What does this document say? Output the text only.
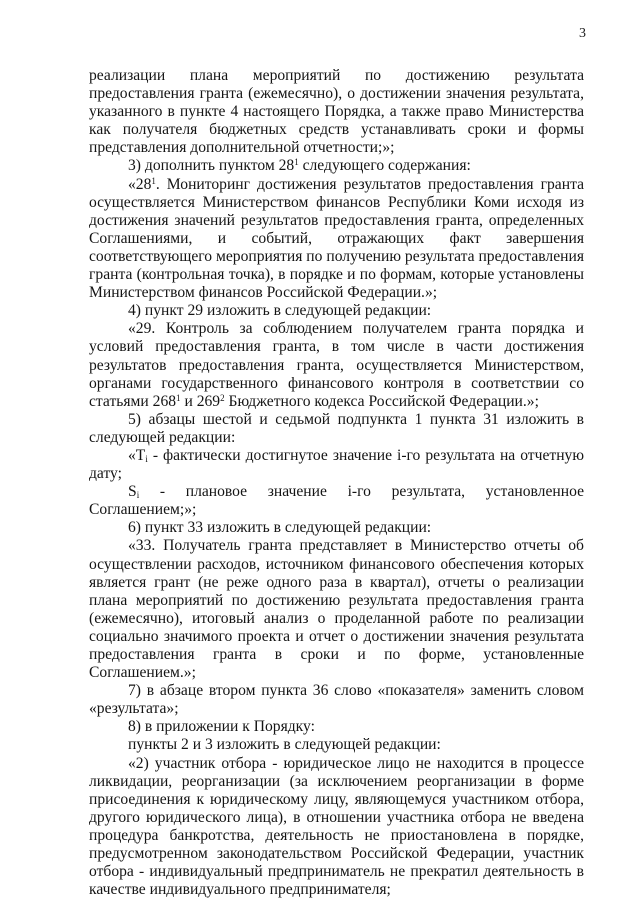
3

реализации плана мероприятий по достижению результата предоставления гранта (ежемесячно), о достижении значения результата, указанного в пункте 4 настоящего Порядка, а также право Министерства как получателя бюджетных средств устанавливать сроки и формы представления дополнительной отчетности;»;

3) дополнить пунктом $28^1$ следующего содержания:

«$28^1$. Мониторинг достижения результатов предоставления гранта осуществляется Министерством финансов Республики Коми исходя из достижения значений результатов предоставления гранта, определенных Соглашениями, и событий, отражающих факт завершения соответствующего мероприятия по получению результата предоставления гранта (контрольная точка), в порядке и по формам, которые установлены Министерством финансов Российской Федерации.»;

4) пункт 29 изложить в следующей редакции:

«29. Контроль за соблюдением получателем гранта порядка и условий предоставления гранта, в том числе в части достижения результатов предоставления гранта, осуществляется Министерством, органами государственного финансового контроля в соответствии со статьями $268^1$ и $269^2$ Бюджетного кодекса Российской Федерации.»;

5) абзацы шестой и седьмой подпункта 1 пункта 31 изложить в следующей редакции:

«$T_i$ - фактически достигнутое значение i-го результата на отчетную дату;

$S_i$ - плановое значение i-го результата, установленное Соглашением;»;

6) пункт 33 изложить в следующей редакции:

«33. Получатель гранта представляет в Министерство отчеты об осуществлении расходов, источником финансового обеспечения которых является грант (не реже одного раза в квартал), отчеты о реализации плана мероприятий по достижению результата предоставления гранта (ежемесячно), итоговый анализ о проделанной работе по реализации социально значимого проекта и отчет о достижении значения результата предоставления гранта в сроки и по форме, установленные Соглашением.»;

7) в абзаце втором пункта 36 слово «показателя» заменить словом «результата»;

8) в приложении к Порядку:

пункты 2 и 3 изложить в следующей редакции:

«2) участник отбора - юридическое лицо не находится в процессе ликвидации, реорганизации (за исключением реорганизации в форме присоединения к юридическому лицу, являющемуся участником отбора, другого юридического лица), в отношении участника отбора не введена процедура банкротства, деятельность не приостановлена в порядке, предусмотренном законодательством Российской Федерации, участник отбора - индивидуальный предприниматель не прекратил деятельность в качестве индивидуального предпринимателя;
